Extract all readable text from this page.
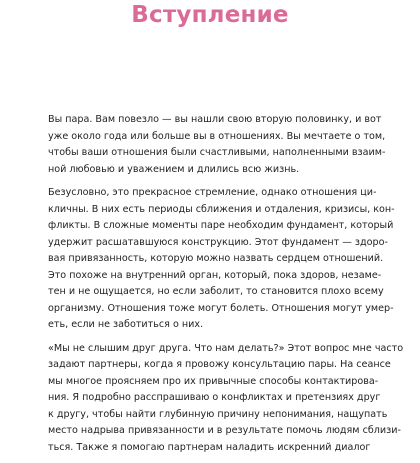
Вступление

Вы пара. Вам повезло — вы нашли свою вторую половинку, и вот
уже около года или больше вы в отношениях. Вы мечтаете о том,
чтобы ваши отношения были счастливыми, наполненными взаим-
ной любовью и уважением и длились всю жизнь.

Безусловно, это прекрасное стремление, однако отношения ци-
кличны. В них есть периоды сближения и отдаления, кризисы, кон-
фликты. В сложные моменты паре необходим фундамент, который
удержит расшатавшуюся конструкцию. Этот фундамент — здоро-
вая привязанность, которую можно назвать сердцем отношений.
Это похоже на внутренний орган, который, пока здоров, незаме-
тен и не ощущается, но если заболит, то становится плохо всему
организму. Отношения тоже могут болеть. Отношения могут умер-
еть, если не заботиться о них.

«Мы не слышим друг друга. Что нам делать?» Этот вопрос мне часто
задают партнеры, когда я провожу консультацию пары. На сеансе
мы многое проясняем про их привычные способы контактирова-
ния. Я подробно расспрашиваю о конфликтах и претензиях друг
к другу, чтобы найти глубинную причину непонимания, нащупать
место надрыва привязанности и в результате помочь людям сблизи-
ться. Также я помогаю партнерам наладить искренний диалог
